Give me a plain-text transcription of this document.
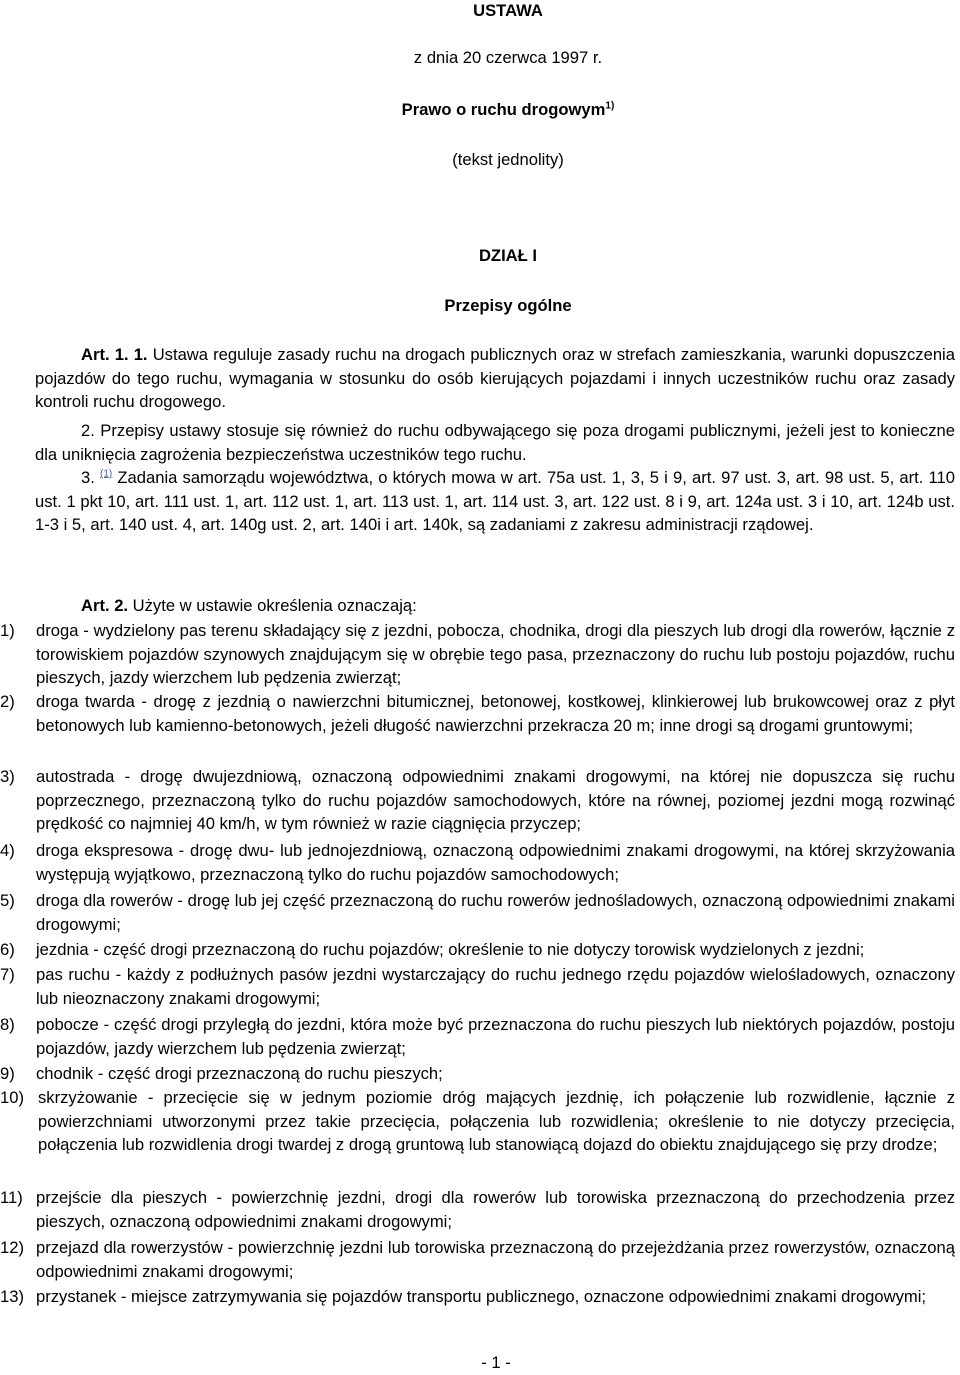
USTAWA
z dnia 20 czerwca 1997 r.
Prawo o ruchu drogowym$^{1)}$
(tekst jednolity)
DZIAŁ I
Przepisy ogólne
Art. 1. 1. Ustawa reguluje zasady ruchu na drogach publicznych oraz w strefach zamieszkania, warunki dopuszczenia pojazdów do tego ruchu, wymagania w stosunku do osób kierujących pojazdami i innych uczestników ruchu oraz zasady kontroli ruchu drogowego.
2. Przepisy ustawy stosuje się również do ruchu odbywającego się poza drogami publicznymi, jeżeli jest to konieczne dla uniknięcia zagrożenia bezpieczeństwa uczestników tego ruchu.
3. $^{(1)}$ Zadania samorządu województwa, o których mowa w art. 75a ust. 1, 3, 5 i 9, art. 97 ust. 3, art. 98 ust. 5, art. 110 ust. 1 pkt 10, art. 111 ust. 1, art. 112 ust. 1, art. 113 ust. 1, art. 114 ust. 3, art. 122 ust. 8 i 9, art. 124a ust. 3 i 10, art. 124b ust. 1-3 i 5, art. 140 ust. 4, art. 140g ust. 2, art. 140i i art. 140k, są zadaniami z zakresu administracji rządowej.
Art. 2. Użyte w ustawie określenia oznaczają:
1) droga - wydzielony pas terenu składający się z jezdni, pobocza, chodnika, drogi dla pieszych lub drogi dla rowerów, łącznie z torowiskiem pojazdów szynowych znajdującym się w obrębie tego pasa, przeznaczony do ruchu lub postoju pojazdów, ruchu pieszych, jazdy wierzchem lub pędzenia zwierząt;
2) droga twarda - drogę z jezdnią o nawierzchni bitumicznej, betonowej, kostkowej, klinkierowej lub brukowcowej oraz z płyt betonowych lub kamienno-betonowych, jeżeli długość nawierzchni przekracza 20 m; inne drogi są drogami gruntowymi;
3) autostrada - drogę dwujezdniową, oznaczoną odpowiednimi znakami drogowymi, na której nie dopuszcza się ruchu poprzecznego, przeznaczoną tylko do ruchu pojazdów samochodowych, które na równej, poziomej jezdni mogą rozwinąć prędkość co najmniej 40 km/h, w tym również w razie ciągnięcia przyczep;
4) droga ekspresowa - drogę dwu- lub jednojezdniową, oznaczoną odpowiednimi znakami drogowymi, na której skrzyżowania występują wyjątkowo, przeznaczoną tylko do ruchu pojazdów samochodowych;
5) droga dla rowerów - drogę lub jej część przeznaczoną do ruchu rowerów jednośladowych, oznaczoną odpowiednimi znakami drogowymi;
6) jezdnia - część drogi przeznaczoną do ruchu pojazdów; określenie to nie dotyczy torowisk wydzielonych z jezdni;
7) pas ruchu - każdy z podłużnych pasów jezdni wystarczający do ruchu jednego rzędu pojazdów wielośladowych, oznaczony lub nieoznaczony znakami drogowymi;
8) pobocze - część drogi przyległą do jezdni, która może być przeznaczona do ruchu pieszych lub niektórych pojazdów, postoju pojazdów, jazdy wierzchem lub pędzenia zwierząt;
9) chodnik - część drogi przeznaczoną do ruchu pieszych;
10) skrzyżowanie - przecięcie się w jednym poziomie dróg mających jezdnię, ich połączenie lub rozwidlenie, łącznie z powierzchniami utworzonymi przez takie przecięcia, połączenia lub rozwidlenia; określenie to nie dotyczy przecięcia, połączenia lub rozwidlenia drogi twardej z drogą gruntową lub stanowiącą dojazd do obiektu znajdującego się przy drodze;
11) przejście dla pieszych - powierzchnię jezdni, drogi dla rowerów lub torowiska przeznaczoną do przechodzenia przez pieszych, oznaczoną odpowiednimi znakami drogowymi;
12) przejazd dla rowerzystów - powierzchnię jezdni lub torowiska przeznaczoną do przejeżdżania przez rowerzystów, oznaczoną odpowiednimi znakami drogowymi;
13) przystanek - miejsce zatrzymywania się pojazdów transportu publicznego, oznaczone odpowiednimi znakami drogowymi;
- 1 -
